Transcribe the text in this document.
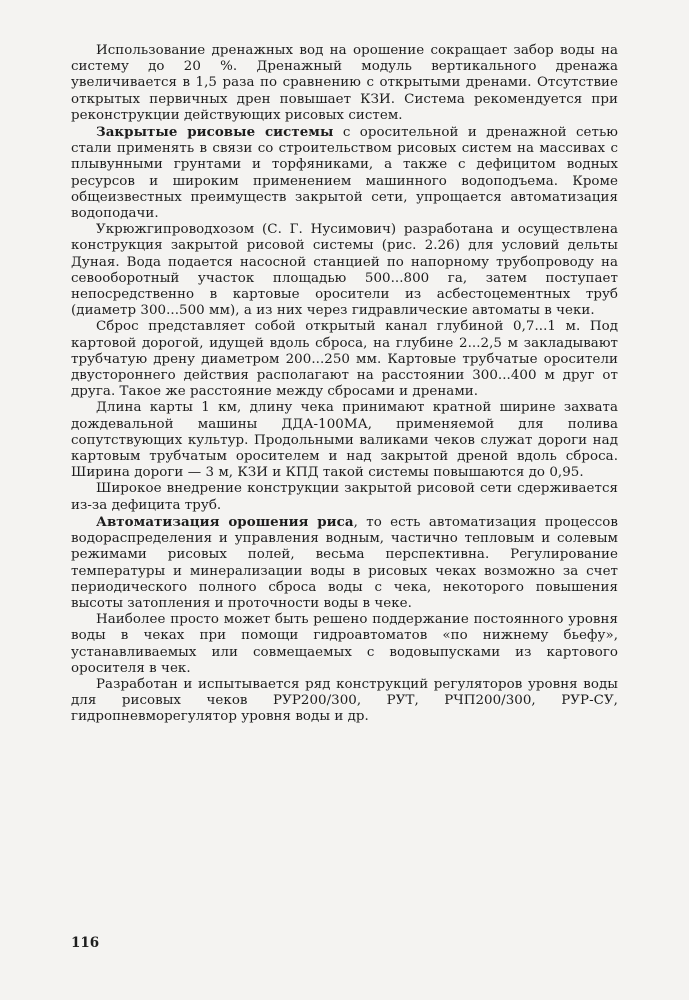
Использование дренажных вод на орошение сокращает забор воды на систему до 20 %. Дренажный модуль вертикального дренажа увеличивается в 1,5 раза по сравнению с открытыми дренами. Отсутствие открытых первичных дрен повышает КЗИ. Система рекомендуется при реконструкции действующих рисовых систем.

Закрытые рисовые системы с оросительной и дренажной сетью стали применять в связи со строительством рисовых систем на массивах с плывунными грунтами и торфяниками, а также с дефицитом водных ресурсов и широким применением машинного водоподъема. Кроме общеизвестных преимуществ закрытой сети, упрощается автоматизация водоподачи.

Укрюжгипроводхозом (С. Г. Нусимович) разработана и осуществлена конструкция закрытой рисовой системы (рис. 2.26) для условий дельты Дуная. Вода подается насосной станцией по напорному трубопроводу на севооборотный участок площадью 500...800 га, затем поступает непосредственно в картовые оросители из асбестоцементных труб (диаметр 300...500 мм), а из них через гидравлические автоматы в чеки.

Сброс представляет собой открытый канал глубиной 0,7...1 м. Под картовой дорогой, идущей вдоль сброса, на глубине 2...2,5 м закладывают трубчатую дрену диаметром 200...250 мм. Картовые трубчатые оросители двустороннего действия располагают на расстоянии 300...400 м друг от друга. Такое же расстояние между сбросами и дренами.

Длина карты 1 км, длину чека принимают кратной ширине захвата дождевальной машины ДДА-100МА, применяемой для полива сопутствующих культур. Продольными валиками чеков служат дороги над картовым трубчатым оросителем и над закрытой дреной вдоль сброса. Ширина дороги — 3 м, КЗИ и КПД такой системы повышаются до 0,95.

Широкое внедрение конструкции закрытой рисовой сети сдерживается из-за дефицита труб.

Автоматизация орошения риса, то есть автоматизация процессов водораспределения и управления водным, частично тепловым и солевым режимами рисовых полей, весьма перспективна. Регулирование температуры и минерализации воды в рисовых чеках возможно за счет периодического полного сброса воды с чека, некоторого повышения высоты затопления и проточности воды в чеке.

Наиболее просто может быть решено поддержание постоянного уровня воды в чеках при помощи гидроавтоматов «по нижнему бьефу», устанавливаемых или совмещаемых с водовыпусками из картового оросителя в чек.

Разработан и испытывается ряд конструкций регуляторов уровня воды для рисовых чеков РУР200/300, РУТ, РЧП200/300, РУР-СУ, гидропневморегулятор уровня воды и др.

116
